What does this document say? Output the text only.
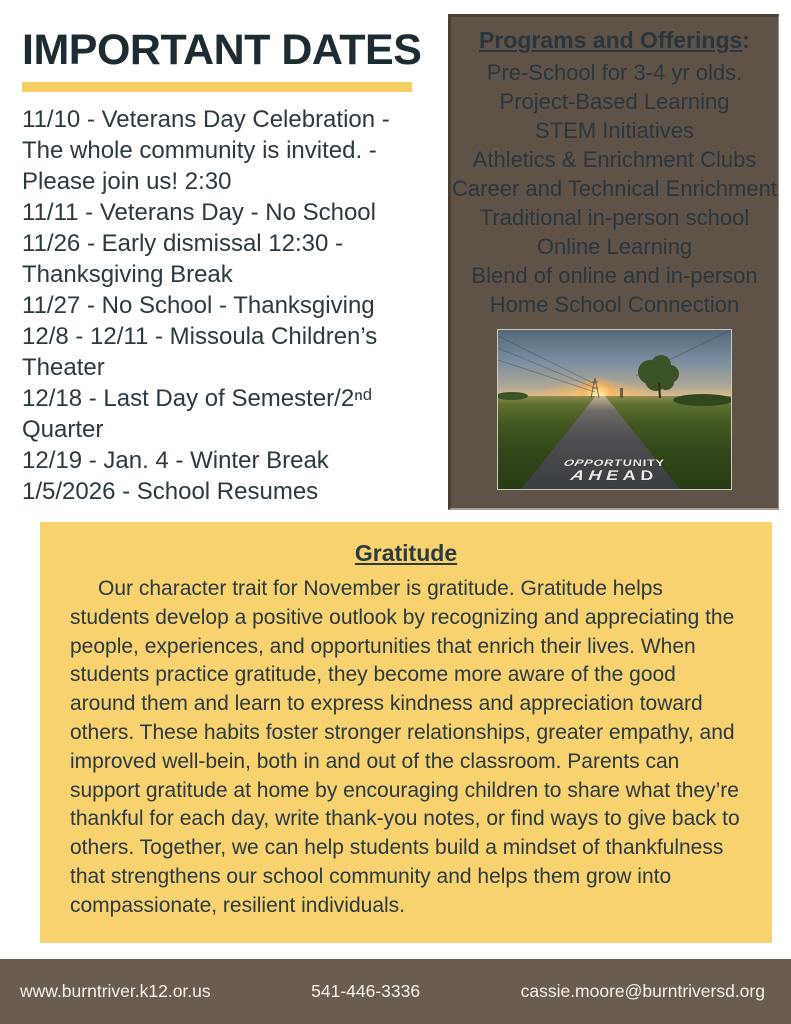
IMPORTANT DATES

11/10 - Veterans Day Celebration - The whole community is invited. - Please join us! 2:30

11/11 - Veterans Day - No School

11/26 - Early dismissal 12:30 - Thanksgiving Break

11/27 - No School - Thanksgiving

12/8 - 12/11 - Missoula Children’s Theater

12/18 - Last Day of Semester/2ⁿᵈ Quarter

12/19 - Jan. 4 - Winter Break

1/5/2026 - School Resumes

Programs and Offerings:
Pre-School for 3-4 yr olds.
Project-Based Learning
STEM Initiatives
Athletics & Enrichment Clubs
Career and Technical Enrichment
Traditional in-person school
Online Learning
Blend of online and in-person
Home School Connection
OPPORTUNITY
AHEAD
Gratitude
Our character trait for November is gratitude. Gratitude helps students develop a positive outlook by recognizing and appreciating the people, experiences, and opportunities that enrich their lives. When students practice gratitude, they become more aware of the good around them and learn to express kindness and appreciation toward others. These habits foster stronger relationships, greater empathy, and improved well-bein, both in and out of the classroom. Parents can support gratitude at home by encouraging children to share what they’re thankful for each day, write thank-you notes, or find ways to give back to others. Together, we can help students build a mindset of thankfulness that strengthens our school community and helps them grow into compassionate, resilient individuals.
www.burntriver.k12.or.us	541-446-3336	cassie.moore@burntriversd.org
